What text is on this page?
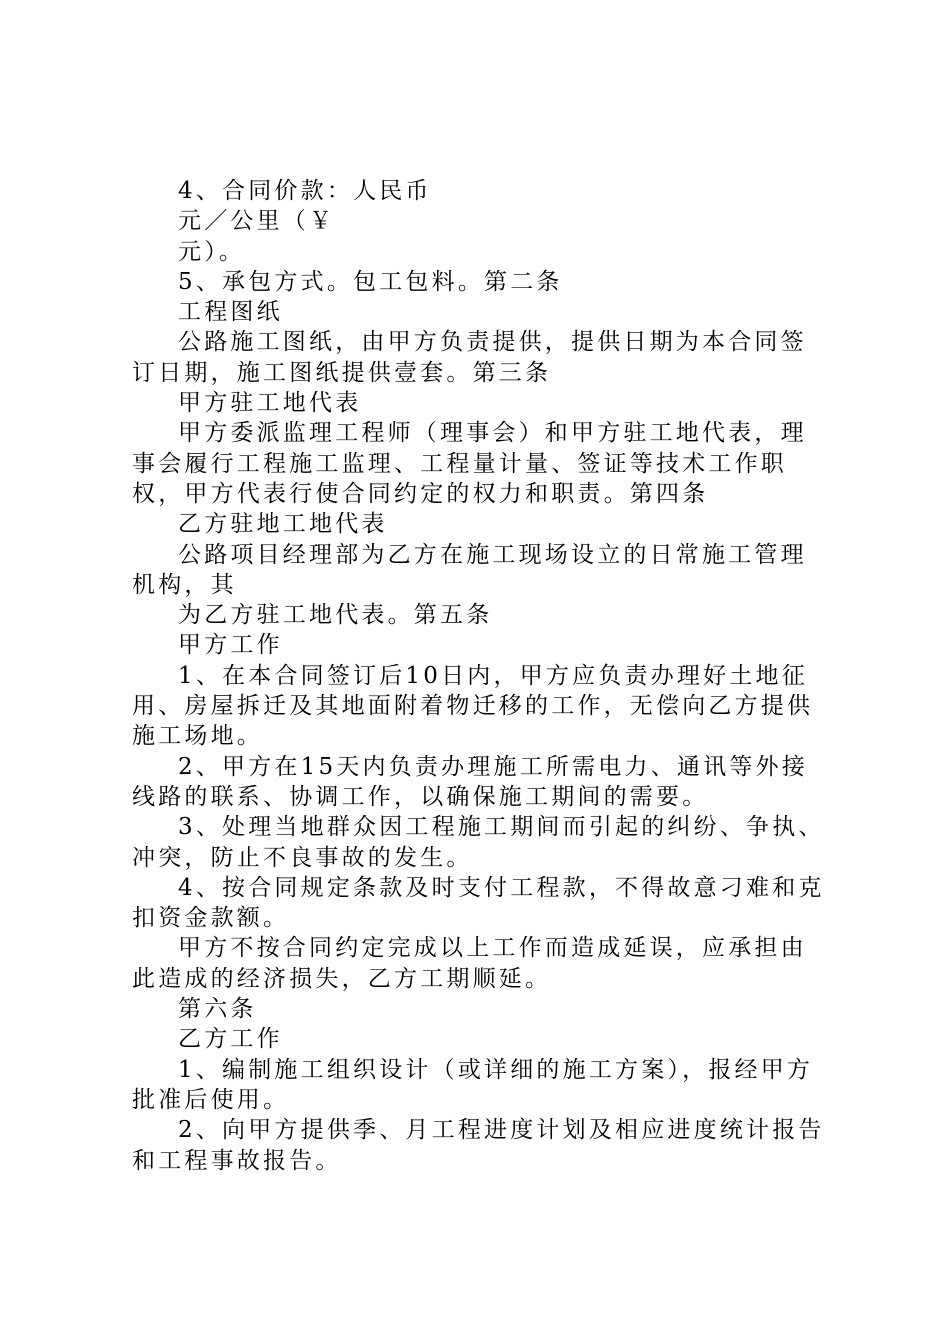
4、合同价款：人民币

元／公里（￥

元）。

5、承包方式。包工包料。第二条

工程图纸

公路施工图纸，由甲方负责提供，提供日期为本合同签订日期，施工图纸提供壹套。第三条

甲方驻工地代表

甲方委派监理工程师（理事会）和甲方驻工地代表，理事会履行工程施工监理、工程量计量、签证等技术工作职权，甲方代表行使合同约定的权力和职责。第四条

乙方驻地工地代表

公路项目经理部为乙方在施工现场设立的日常施工管理机构，其

为乙方驻工地代表。第五条

甲方工作

1、在本合同签订后10日内，甲方应负责办理好土地征用、房屋拆迁及其地面附着物迁移的工作，无偿向乙方提供施工场地。

2、甲方在15天内负责办理施工所需电力、通讯等外接线路的联系、协调工作，以确保施工期间的需要。

3、处理当地群众因工程施工期间而引起的纠纷、争执、冲突，防止不良事故的发生。

4、按合同规定条款及时支付工程款，不得故意刁难和克扣资金款额。

甲方不按合同约定完成以上工作而造成延误，应承担由此造成的经济损失，乙方工期顺延。

第六条

乙方工作

1、编制施工组织设计（或详细的施工方案），报经甲方批准后使用。

2、向甲方提供季、月工程进度计划及相应进度统计报告和工程事故报告。
